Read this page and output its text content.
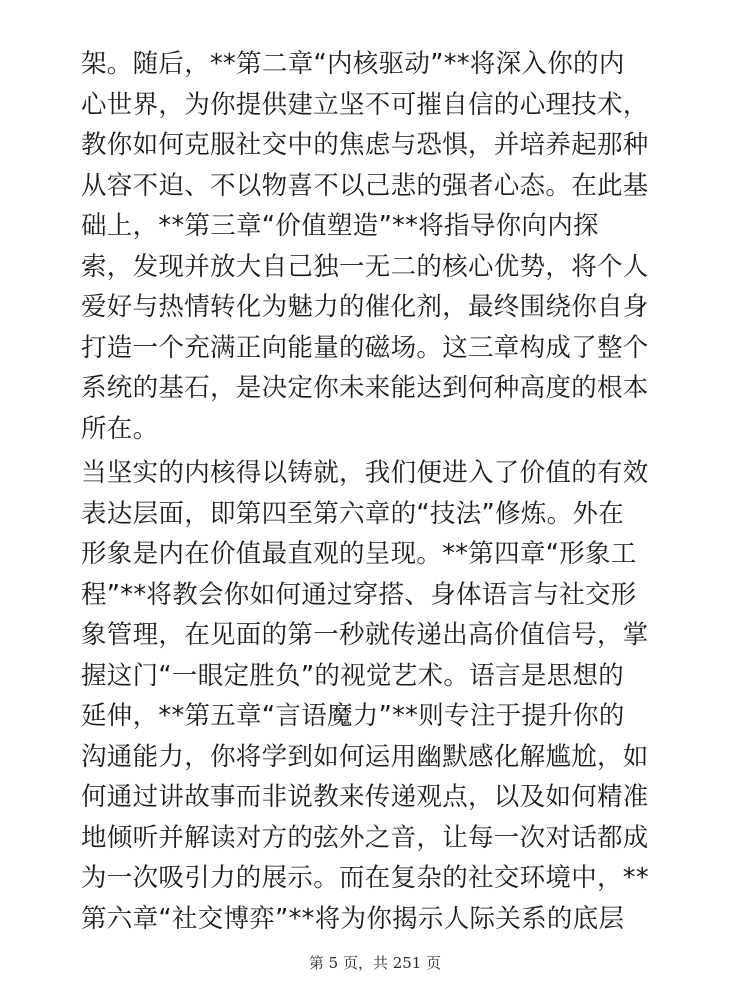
架。随后，**第二章“内核驱动”**将深入你的内
心世界，为你提供建立坚不可摧自信的心理技术，
教你如何克服社交中的焦虑与恐惧，并培养起那种
从容不迫、不以物喜不以己悲的强者心态。在此基
础上，**第三章“价值塑造”**将指导你向内探
索，发现并放大自己独一无二的核心优势，将个人
爱好与热情转化为魅力的催化剂，最终围绕你自身
打造一个充满正向能量的磁场。这三章构成了整个
系统的基石，是决定你未来能达到何种高度的根本
所在。
当坚实的内核得以铸就，我们便进入了价值的有效
表达层面，即第四至第六章的“技法”修炼。外在
形象是内在价值最直观的呈现。**第四章“形象工
程”**将教会你如何通过穿搭、身体语言与社交形
象管理，在见面的第一秒就传递出高价值信号，掌
握这门“一眼定胜负”的视觉艺术。语言是思想的
延伸，**第五章“言语魔力”**则专注于提升你的
沟通能力，你将学到如何运用幽默感化解尴尬，如
何通过讲故事而非说教来传递观点，以及如何精准
地倾听并解读对方的弦外之音，让每一次对话都成
为一次吸引力的展示。而在复杂的社交环境中，**
第六章“社交博弈”**将为你揭示人际关系的底层
第 5 页，共 251 页
